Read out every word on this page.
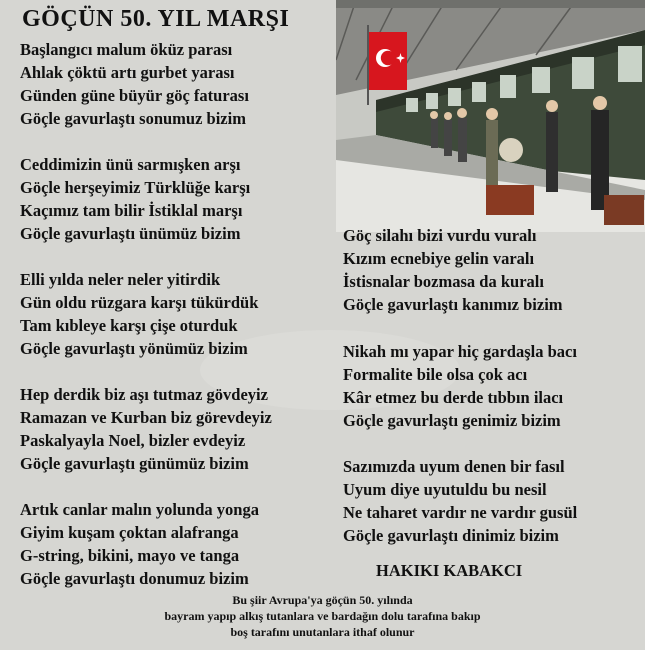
GÖÇÜN 50. YIL MARŞI
Başlangıcı malum öküz parası
Ahlak çöktü artı gurbet yarası
Günden güne büyür göç faturası
Göçle gavurlaştı sonumuz bizim
Ceddimizin ünü sarmışken arşı
Göçle herşeyimiz Türklüğe karşı
Kaçımız tam bilir İstiklal marşı
Göçle gavurlaştı ünümüz bizim
Elli yılda neler neler yitirdik
Gün oldu rüzgara karşı tükürdük
Tam kıbleye karşı çişe oturduk
Göçle gavurlaştı yönümüz bizim
Hep derdik biz aşı tutmaz gövdeyiz
Ramazan ve Kurban biz görevdeyiz
Paskalyayla Noel, bizler evdeyiz
Göçle gavurlaştı günümüz bizim
Artık canlar malın yolunda yonga
Giyim kuşam çoktan alafranga
G-string, bikini, mayo ve tanga
Göçle gavurlaştı donumuz bizim
Göç silahı bizi vurdu vuralı
Kızım ecnebiye gelin varalı
İstisnalar bozmasa da kuralı
Göçle gavurlaştı kanımız bizim
Nikah mı yapar hiç gardaşla bacı
Formalite bile olsa çok acı
Kâr etmez bu derde tıbbın ilacı
Göçle gavurlaştı genimiz bizim
Sazımızda uyum denen bir fasıl
Uyum diye uyutuldu bu nesil
Ne taharet vardır ne vardır gusül
Göçle gavurlaştı dinimiz bizim
HAKIKI KABAKCI
Bu şiir Avrupa'ya göçün 50. yılında
bayram yapıp alkış tutanlara ve bardağın dolu tarafına bakıp
boş tarafını unutanlara ithaf olunur
